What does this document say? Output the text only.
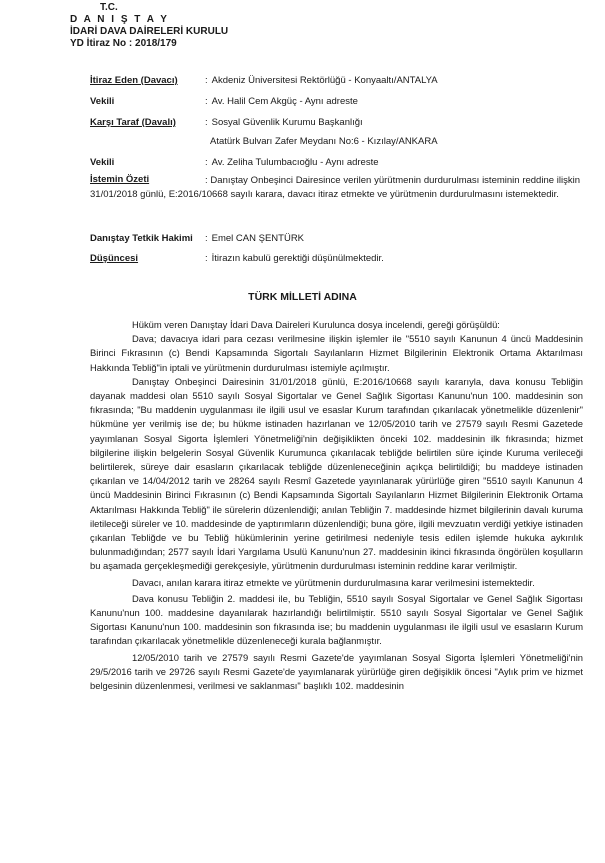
T.C.
D A N I Ş T A Y
İDARİ DAVA DAİRELERİ KURULU
YD İtiraz No : 2018/179
İtiraz Eden (Davacı)	: Akdeniz Üniversitesi Rektörlüğü - Konyaaltı/ANTALYA
Vekili	: Av. Halil Cem Akgüç - Aynı adreste
Karşı Taraf (Davalı)	: Sosyal Güvenlik Kurumu Başkanlığı
Atatürk Bulvarı Zafer Meydanı No:6 - Kızılay/ANKARA
Vekili	: Av. Zeliha Tulumbacıoğlu - Aynı adreste
İstemin Özeti	: Danıştay Onbeşinci Dairesince verilen yürütmenin durdurulması isteminin reddine ilişkin 31/01/2018 günlü, E:2016/10668 sayılı karara, davacı itiraz etmekte ve yürütmenin durdurulmasını istemektedir.
Danıştay Tetkik Hakimi : Emel CAN ŞENTÜRK
Düşüncesi	: İtirazın kabulü gerektiği düşünülmektedir.
TÜRK MİLLETİ ADINA

Hüküm veren Danıştay İdari Dava Daireleri Kurulunca dosya incelendi, gereği görüşüldü:

Dava; davacıya idari para cezası verilmesine ilişkin işlemler ile "5510 sayılı Kanunun 4 üncü Maddesinin Birinci Fıkrasının (c) Bendi Kapsamında Sigortalı Sayılanların Hizmet Bilgilerinin Elektronik Ortama Aktarılması Hakkında Tebliğ"in iptali ve yürütmenin durdurulması istemiyle açılmıştır.

Danıştay Onbeşinci Dairesinin 31/01/2018 günlü, E:2016/10668 sayılı kararıyla, dava konusu Tebliğin dayanak maddesi olan 5510 sayılı Sosyal Sigortalar ve Genel Sağlık Sigortası Kanunu'nun 100. maddesinin son fıkrasında; "Bu maddenin uygulanması ile ilgili usul ve esaslar Kurum tarafından çıkarılacak yönetmelikle düzenlenir" hükmüne yer verilmiş ise de; bu hükme istinaden hazırlanan ve 12/05/2010 tarih ve 27579 sayılı Resmi Gazetede yayımlanan Sosyal Sigorta İşlemleri Yönetmeliği'nin değişiklikten önceki 102. maddesinin ilk fıkrasında; hizmet bilgilerine ilişkin belgelerin Sosyal Güvenlik Kurumunca çıkarılacak tebliğde belirtilen süre içinde Kuruma verileceği belirtilerek, süreye dair esasların çıkarılacak tebliğde düzenleneceğinin açıkça belirtildiği; bu maddeye istinaden çıkarılan ve 14/04/2012 tarih ve 28264 sayılı Resmî Gazetede yayınlanarak yürürlüğe giren "5510 sayılı Kanunun 4 üncü Maddesinin Birinci Fıkrasının (c) Bendi Kapsamında Sigortalı Sayılanların Hizmet Bilgilerinin Elektronik Ortama Aktarılması Hakkında Tebliğ" ile sürelerin düzenlendiği; anılan Tebliğin 7. maddesinde hizmet bilgilerinin davalı kuruma iletileceği süreler ve 10. maddesinde de yaptırımların düzenlendiği; buna göre, ilgili mevzuatın verdiği yetkiye istinaden çıkarılan Tebliğde ve bu Tebliğ hükümlerinin yerine getirilmesi nedeniyle tesis edilen işlemde hukuka aykırılık bulunmadığından; 2577 sayılı İdari Yargılama Usulü Kanunu'nun 27. maddesinin ikinci fıkrasında öngörülen koşulların bu aşamada gerçekleşmediği gerekçesiyle, yürütmenin durdurulması isteminin reddine karar verilmiştir.

Davacı, anılan karara itiraz etmekte ve yürütmenin durdurulmasına karar verilmesini istemektedir.

Dava konusu Tebliğin 2. maddesi ile, bu Tebliğin, 5510 sayılı Sosyal Sigortalar ve Genel Sağlık Sigortası Kanunu'nun 100. maddesine dayanılarak hazırlandığı belirtilmiştir. 5510 sayılı Sosyal Sigortalar ve Genel Sağlık Sigortası Kanunu'nun 100. maddesinin son fıkrasında ise; bu maddenin uygulanması ile ilgili usul ve esasların Kurum tarafından çıkarılacak yönetmelikle düzenleneceği kurala bağlanmıştır.

12/05/2010 tarih ve 27579 sayılı Resmi Gazete'de yayımlanan Sosyal Sigorta İşlemleri Yönetmeliği'nin 29/5/2016 tarih ve 29726 sayılı Resmi Gazete'de yayımlanarak yürürlüğe giren değişiklik öncesi "Aylık prim ve hizmet belgesinin düzenlenmesi, verilmesi ve saklanması" başlıklı 102. maddesinin
